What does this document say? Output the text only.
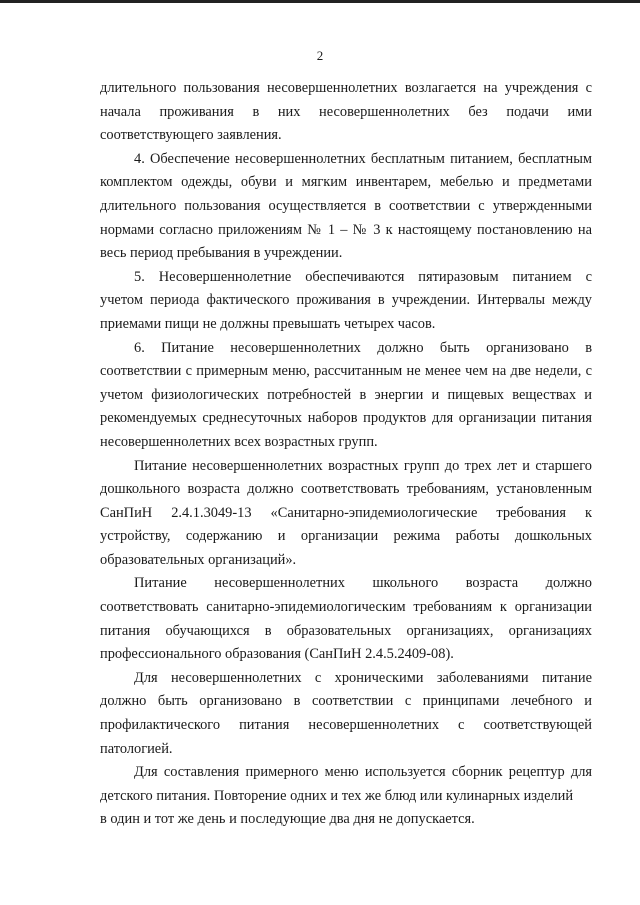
2
длительного пользования несовершеннолетних возлагается на учреждения с
начала проживания в них несовершеннолетних без подачи ими
соответствующего заявления.
4. Обеспечение несовершеннолетних бесплатным питанием, бесплатным
комплектом одежды, обуви и мягким инвентарем, мебелью и предметами
длительного пользования осуществляется в соответствии с утвержденными
нормами согласно приложениям № 1 – № 3 к настоящему постановлению на
весь период пребывания в учреждении.
5. Несовершеннолетние обеспечиваются пятиразовым питанием с
учетом периода фактического проживания в учреждении. Интервалы между
приемами пищи не должны превышать четырех часов.
6. Питание несовершеннолетних должно быть организовано в
соответствии с примерным меню, рассчитанным не менее чем на две недели, с
учетом физиологических потребностей в энергии и пищевых веществах и
рекомендуемых среднесуточных наборов продуктов для организации питания
несовершеннолетних всех возрастных групп.
Питание несовершеннолетних возрастных групп до трех лет и старшего
дошкольного возраста должно соответствовать требованиям, установленным
СанПиН 2.4.1.3049-13 «Санитарно-эпидемиологические требования к
устройству, содержанию и организации режима работы дошкольных
образовательных организаций».
Питание несовершеннолетних школьного возраста должно
соответствовать санитарно-эпидемиологическим требованиям к организации
питания обучающихся в образовательных организациях, организациях
профессионального образования (СанПиН 2.4.5.2409-08).
Для несовершеннолетних с хроническими заболеваниями питание
должно быть организовано в соответствии с принципами лечебного и
профилактического питания несовершеннолетних с соответствующей
патологией.
Для составления примерного меню используется сборник рецептур для
детского питания. Повторение одних и тех же блюд или кулинарных изделий
в один и тот же день и последующие два дня не допускается.
